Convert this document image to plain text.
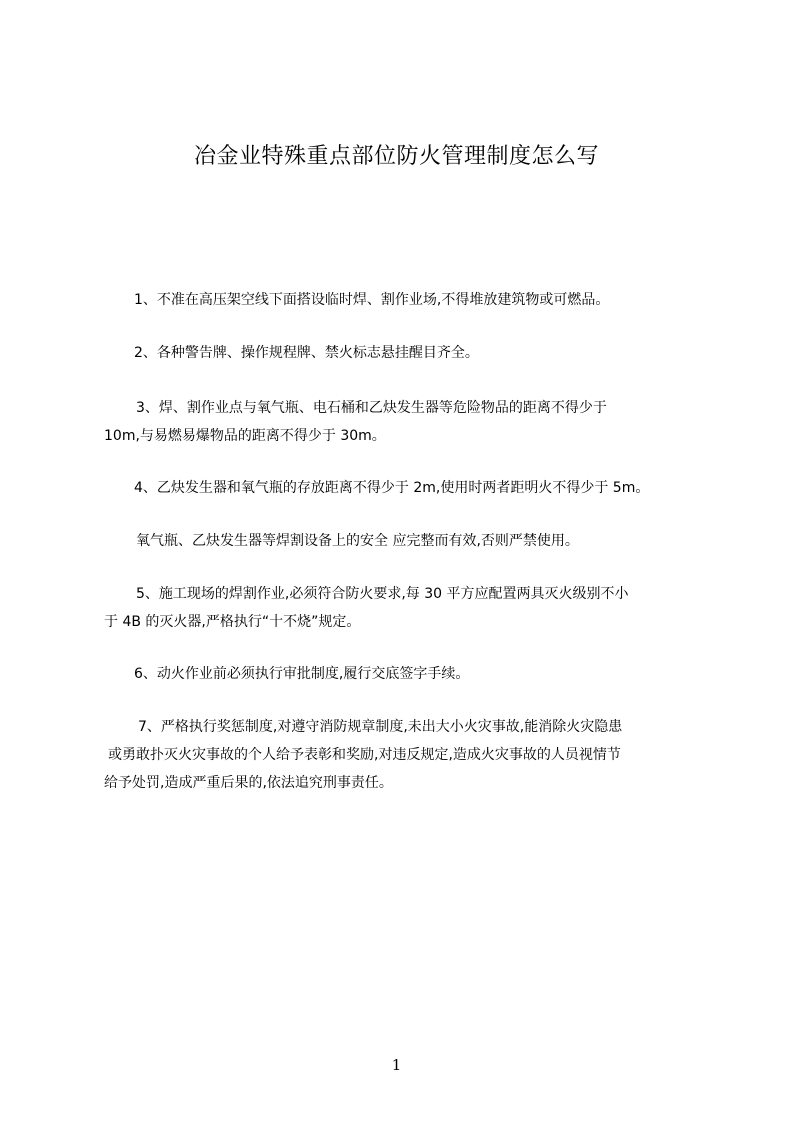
冶金业特殊重点部位防火管理制度怎么写
1、不准在高压架空线下面搭设临时焊、割作业场,不得堆放建筑物或可燃品。
2、各种警告牌、操作规程牌、禁火标志悬挂醒目齐全。
3、焊、割作业点与氧气瓶、电石桶和乙炔发生器等危险物品的距离不得少于
10m,与易燃易爆物品的距离不得少于 30m。
4、乙炔发生器和氧气瓶的存放距离不得少于 2m,使用时两者距明火不得少于 5m。
氧气瓶、乙炔发生器等焊割设备上的安全 应完整而有效,否则严禁使用。
5、施工现场的焊割作业,必须符合防火要求,每 30 平方应配置两具灭火级别不小
于 4B 的灭火器,严格执行“十不烧”规定。
6、动火作业前必须执行审批制度,履行交底签字手续。
7、严格执行奖惩制度,对遵守消防规章制度,未出大小火灾事故,能消除火灾隐患
或勇敢扑灭火灾事故的个人给予表彰和奖励,对违反规定,造成火灾事故的人员视情节
给予处罚,造成严重后果的,依法追究刑事责任。
1
